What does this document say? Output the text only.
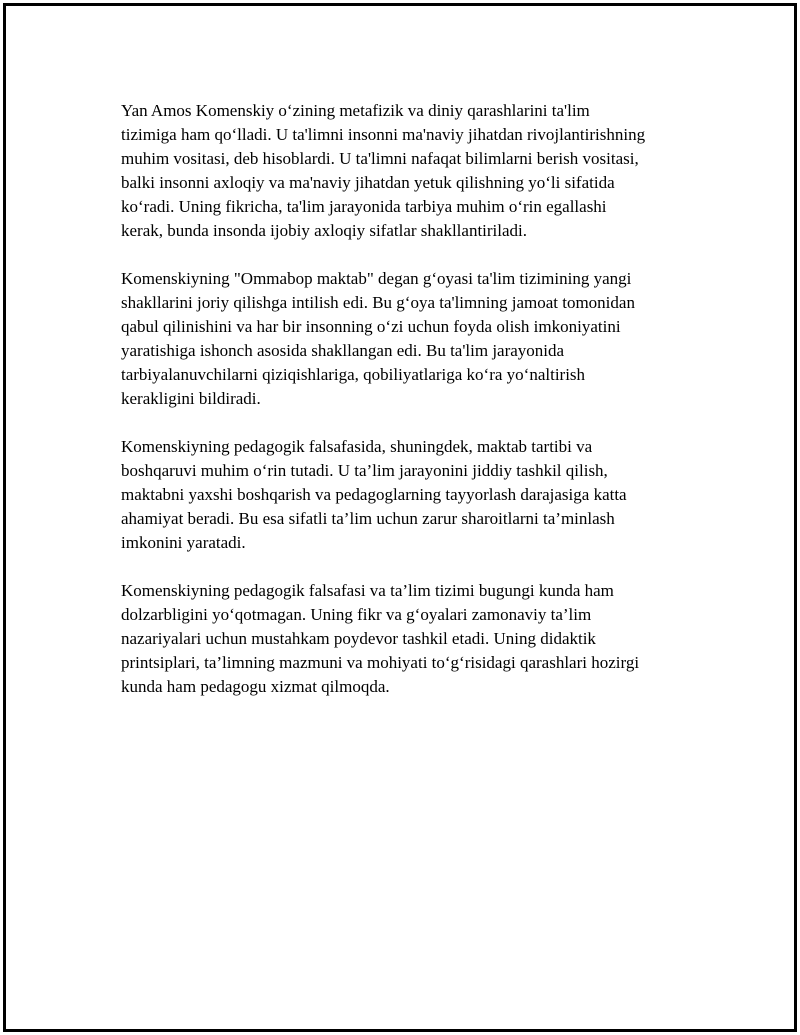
Yan Amos Komenskiy o‘zining metafizik va diniy qarashlarini ta'lim
tizimiga ham qo‘lladi. U ta'limni insonni ma'naviy jihatdan rivojlantirishning
muhim vositasi, deb hisoblardi. U ta'limni nafaqat bilimlarni berish vositasi,
balki insonni axloqiy va ma'naviy jihatdan yetuk qilishning yo‘li sifatida
ko‘radi. Uning fikricha, ta'lim jarayonida tarbiya muhim o‘rin egallashi
kerak, bunda insonda ijobiy axloqiy sifatlar shakllantiriladi.

Komenskiyning "Ommabop maktab" degan g‘oyasi ta'lim tizimining yangi
shakllarini joriy qilishga intilish edi. Bu g‘oya ta'limning jamoat tomonidan
qabul qilinishini va har bir insonning o‘zi uchun foyda olish imkoniyatini
yaratishiga ishonch asosida shakllangan edi. Bu ta'lim jarayonida
tarbiyalanuvchilarni qiziqishlariga, qobiliyatlariga ko‘ra yo‘naltirish
kerakligini bildiradi.

Komenskiyning pedagogik falsafasida, shuningdek, maktab tartibi va
boshqaruvi muhim o‘rin tutadi. U ta’lim jarayonini jiddiy tashkil qilish,
maktabni yaxshi boshqarish va pedagoglarning tayyorlash darajasiga katta
ahamiyat beradi. Bu esa sifatli ta’lim uchun zarur sharoitlarni ta’minlash
imkonini yaratadi.

Komenskiyning pedagogik falsafasi va ta’lim tizimi bugungi kunda ham
dolzarbligini yo‘qotmagan. Uning fikr va g‘oyalari zamonaviy ta’lim
nazariyalari uchun mustahkam poydevor tashkil etadi. Uning didaktik
printsiplari, ta’limning mazmuni va mohiyati to‘g‘risidagi qarashlari hozirgi
kunda ham pedagogu xizmat qilmoqda.
